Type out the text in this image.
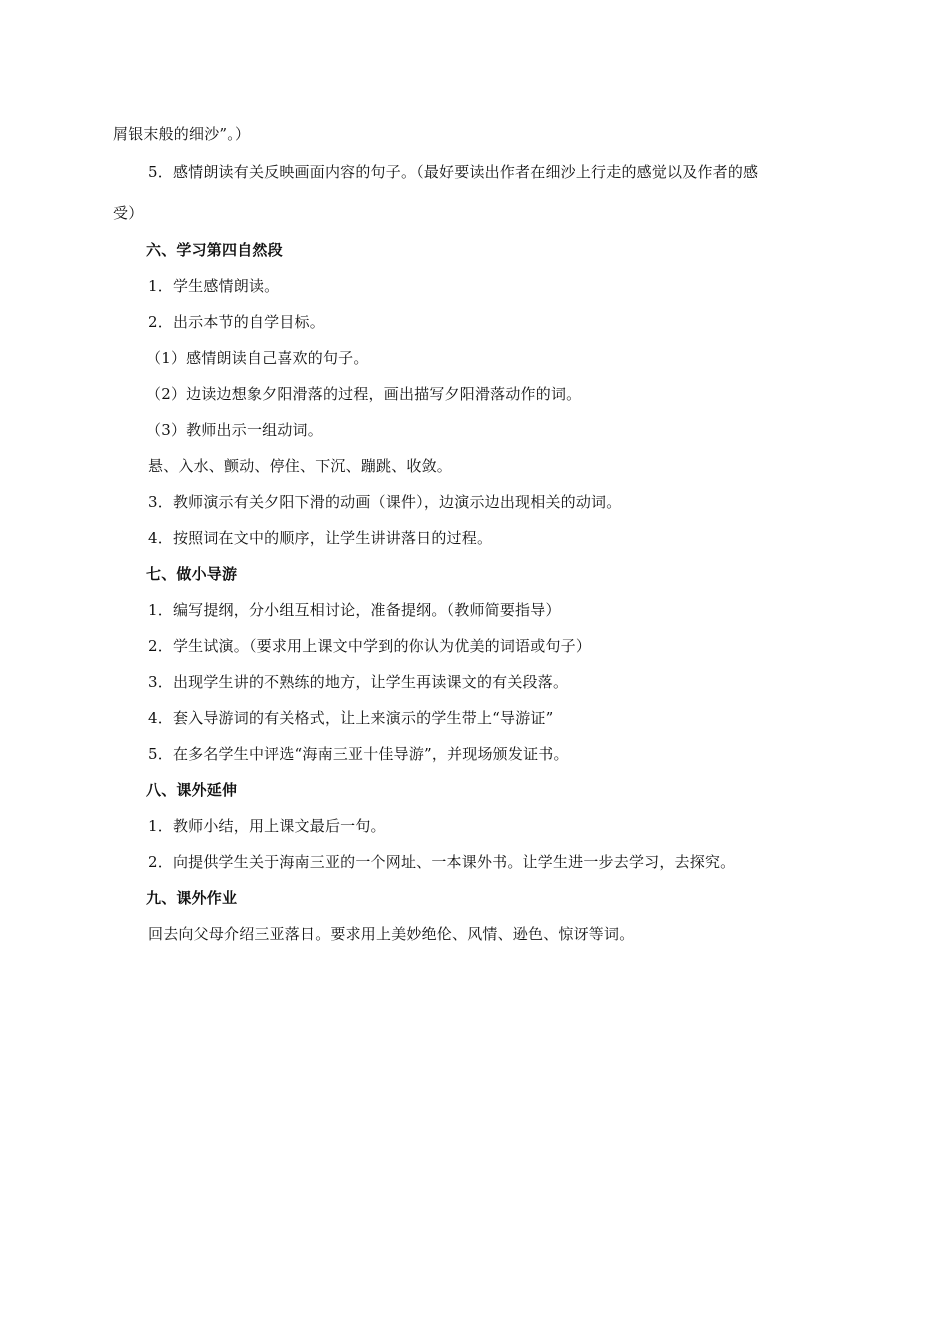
屑银末般的细沙”。）
5．感情朗读有关反映画面内容的句子。（最好要读出作者在细沙上行走的感觉以及作者的感
受）
六、学习第四自然段
1．学生感情朗读。
2．出示本节的自学目标。
（1）感情朗读自己喜欢的句子。
（2）边读边想象夕阳滑落的过程，画出描写夕阳滑落动作的词。
（3）教师出示一组动词。
悬、入水、颤动、停住、下沉、蹦跳、收敛。
3．教师演示有关夕阳下滑的动画（课件），边演示边出现相关的动词。
4．按照词在文中的顺序，让学生讲讲落日的过程。
七、做小导游
1．编写提纲，分小组互相讨论，准备提纲。（教师简要指导）
2．学生试演。（要求用上课文中学到的你认为优美的词语或句子）
3．出现学生讲的不熟练的地方，让学生再读课文的有关段落。
4．套入导游词的有关格式，让上来演示的学生带上“导游证”
5．在多名学生中评选“海南三亚十佳导游”，并现场颁发证书。
八、课外延伸
1．教师小结，用上课文最后一句。
2．向提供学生关于海南三亚的一个网址、一本课外书。让学生进一步去学习，去探究。
九、课外作业
回去向父母介绍三亚落日。要求用上美妙绝伦、风情、逊色、惊讶等词。
